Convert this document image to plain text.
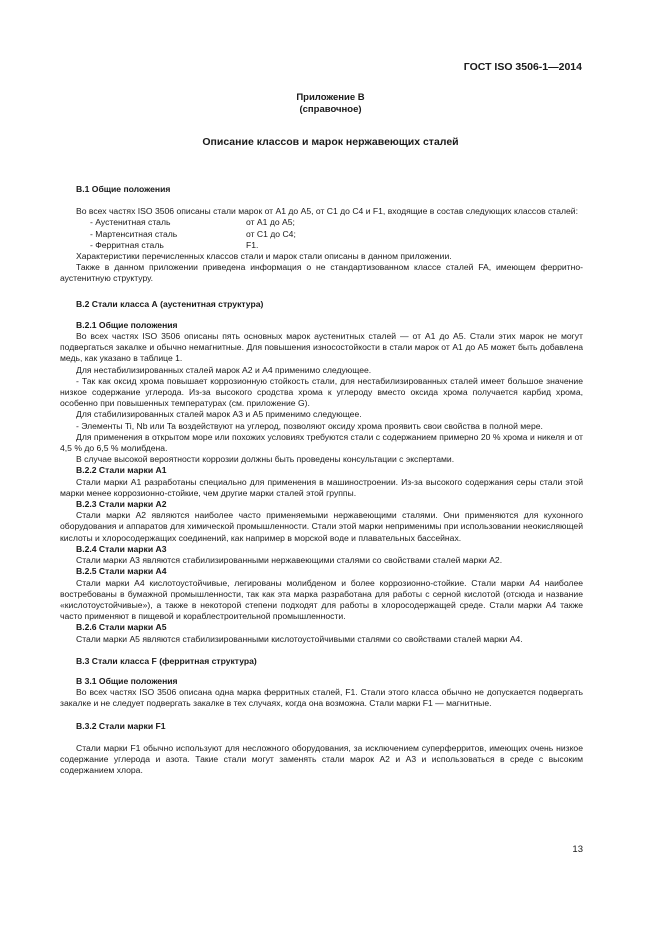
ГОСТ ISO 3506-1—2014
Приложение В
(справочное)
Описание классов и марок нержавеющих сталей

В.1 Общие положения

Во всех частях ISO 3506 описаны стали марок от А1 до А5, от С1 до С4 и F1, входящие в состав следующих классов сталей:

- Аустенитная сталь	от А1 до А5;
- Мартенситная сталь	от С1 до С4;
- Ферритная сталь	F1.

Характеристики перечисленных классов стали и марок стали описаны в данном приложении.

Также в данном приложении приведена информация о не стандартизованном классе сталей FA, имеющем ферритно-аустенитную структуру.

В.2 Стали класса А (аустенитная структура)

В.2.1 Общие положения

Во всех частях ISO 3506 описаны пять основных марок аустенитных сталей — от А1 до А5. Стали этих марок не могут подвергаться закалке и обычно немагнитные. Для повышения износостойкости в стали марок от А1 до А5 может быть добавлена медь, как указано в таблице 1.

Для нестабилизированных сталей марок А2 и А4 применимо следующее.

- Так как оксид хрома повышает коррозионную стойкость стали, для нестабилизированных сталей имеет большое значение низкое содержание углерода. Из-за высокого сродства хрома к углероду вместо оксида хрома получается карбид хрома, особенно при повышенных температурах (см. приложение G).

Для стабилизированных сталей марок А3 и А5 применимо следующее.

- Элементы Ti, Nb или Ta воздействуют на углерод, позволяют оксиду хрома проявить свои свойства в полной мере.

Для применения в открытом море или похожих условиях требуются стали с содержанием примерно 20 % хрома и никеля и от 4,5 % до 6,5 % молибдена.

В случае высокой вероятности коррозии должны быть проведены консультации с экспертами.

В.2.2 Стали марки А1

Стали марки А1 разработаны специально для применения в машиностроении. Из-за высокого содержания серы стали этой марки менее коррозионно-стойкие, чем другие марки сталей этой группы.

В.2.3 Стали марки А2

Стали марки А2 являются наиболее часто применяемыми нержавеющими сталями. Они применяются для кухонного оборудования и аппаратов для химической промышленности. Стали этой марки неприменимы при использовании неокисляющей кислоты и хлоросодержащих соединений, как например в морской воде и плавательных бассейнах.

В.2.4 Стали марки А3

Стали марки А3 являются стабилизированными нержавеющими сталями со свойствами сталей марки А2.

В.2.5 Стали марки А4

Стали марки А4 кислотоустойчивые, легированы молибденом и более коррозионно-стойкие. Стали марки А4 наиболее востребованы в бумажной промышленности, так как эта марка разработана для работы с серной кислотой (отсюда и название «кислотоустойчивые»), а также в некоторой степени подходят для работы в хлоросодержащей среде. Стали марки А4 также часто применяют в пищевой и кораблестроительной промышленности.

В.2.6 Стали марки А5

Стали марки А5 являются стабилизированными кислотоустойчивыми сталями со свойствами сталей марки А4.

В.3 Стали класса F (ферритная структура)

В 3.1 Общие положения

Во всех частях ISO 3506 описана одна марка ферритных сталей, F1. Стали этого класса обычно не допускается подвергать закалке и не следует подвергать закалке в тех случаях, когда она возможна. Стали марки F1 — магнитные.

В.3.2 Стали марки F1

Стали марки F1 обычно используют для несложного оборудования, за исключением суперферритов, имеющих очень низкое содержание углерода и азота. Такие стали могут заменять стали марок А2 и А3 и использоваться в среде с высоким содержанием хлора.

13
